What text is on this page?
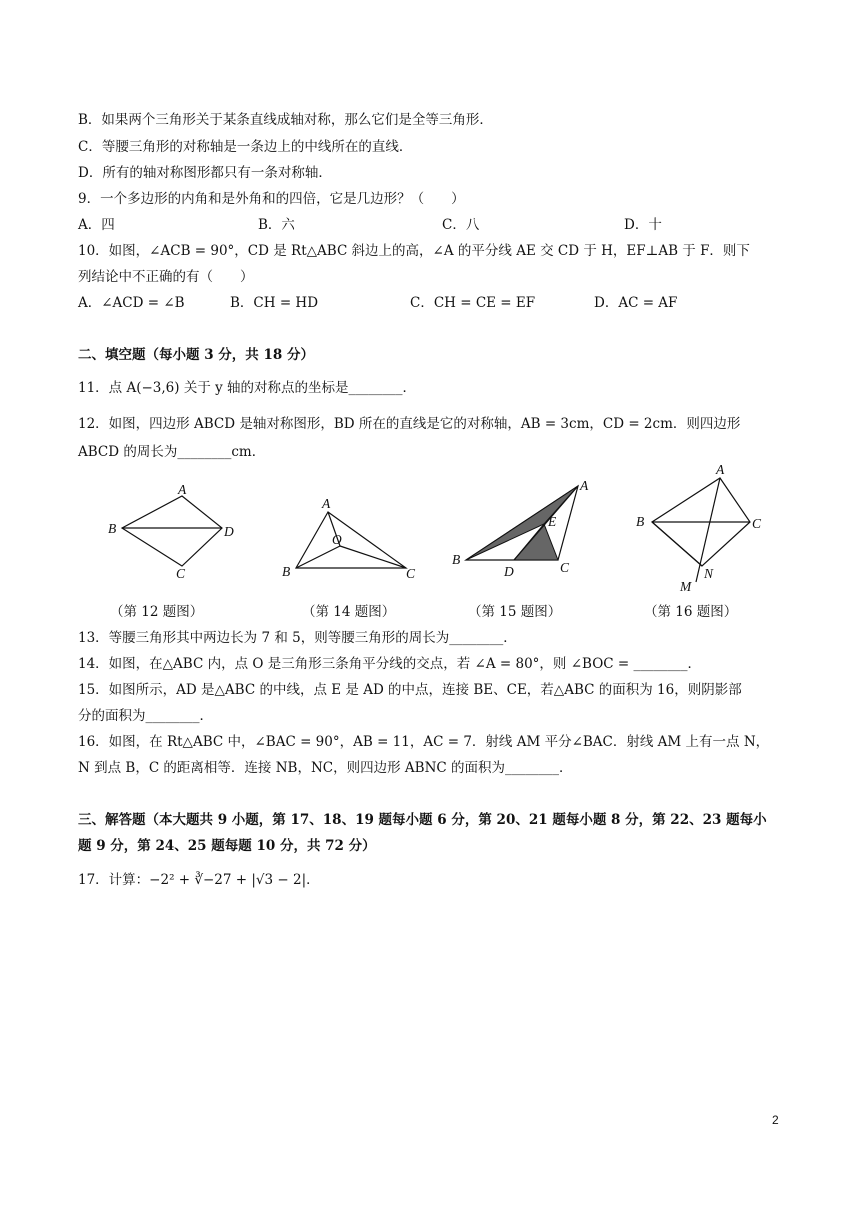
B．如果两个三角形关于某条直线成轴对称，那么它们是全等三角形．
C．等腰三角形的对称轴是一条边上的中线所在的直线．
D．所有的轴对称图形都只有一条对称轴．
9．一个多边形的内角和是外角和的四倍，它是几边形？（　　）
A．四	B．六	C．八	D．十
10．如图，∠ACB = 90°，CD 是 Rt△ABC 斜边上的高，∠A 的平分线 AE 交 CD 于 H，EF⊥AB 于 F．则下
列结论中不正确的有（　　）
A．∠ACD = ∠B	B．CH = HD	C．CH = CE = EF	D．AC = AF
二、填空题（每小题 3 分，共 18 分）
11．点 A(−3,6) 关于 y 轴的对称点的坐标是________．
12．如图，四边形 ABCD 是轴对称图形，BD 所在的直线是它的对称轴，AB = 3cm，CD = 2cm．则四边形
ABCD 的周长为________cm．
A
B	D
C
A
O
B	C
A
E
B
D	C
A
B	C
N
M
（第 12 题图）	（第 14 题图）	（第 15 题图）	（第 16 题图）
13．等腰三角形其中两边长为 7 和 5，则等腰三角形的周长为________．
14．如图，在△ABC 内，点 O 是三角形三条角平分线的交点，若 ∠A = 80°，则 ∠BOC = ________．
15．如图所示，AD 是△ABC 的中线，点 E 是 AD 的中点，连接 BE、CE，若△ABC 的面积为 16，则阴影部
分的面积为________．
16．如图，在 Rt△ABC 中，∠BAC = 90°，AB = 11，AC = 7．射线 AM 平分∠BAC．射线 AM 上有一点 N，
N 到点 B，C 的距离相等．连接 NB，NC，则四边形 ABNC 的面积为________．
三、解答题（本大题共 9 小题，第 17、18、19 题每小题 6 分，第 20、21 题每小题 8 分，第 22、23 题每小
题 9 分，第 24、25 题每题 10 分，共 72 分）
17．计算：−2² + ∛−27 + |√3 − 2|．
2
